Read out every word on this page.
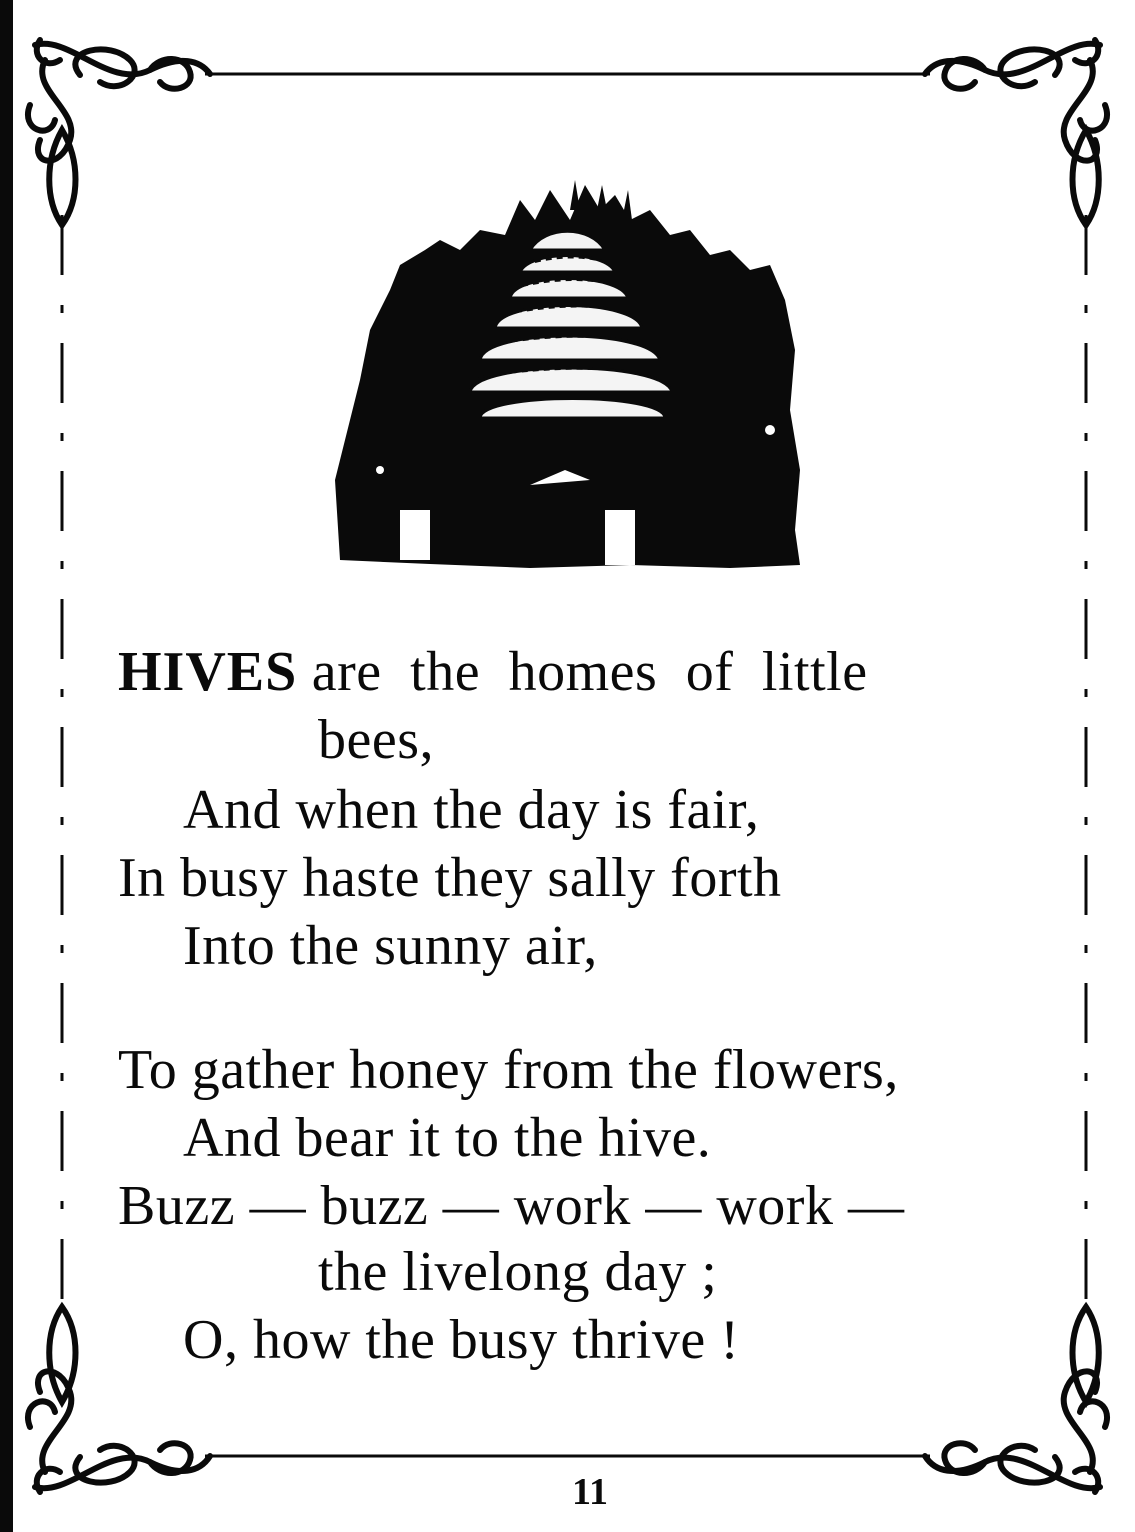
HIVES are the homes of little
bees,
And when the day is fair,
In busy haste they sally forth
Into the sunny air,
To gather honey from the flowers,
And bear it to the hive.
Buzz — buzz — work — work —
the livelong day ;
O, how the busy thrive !
11
